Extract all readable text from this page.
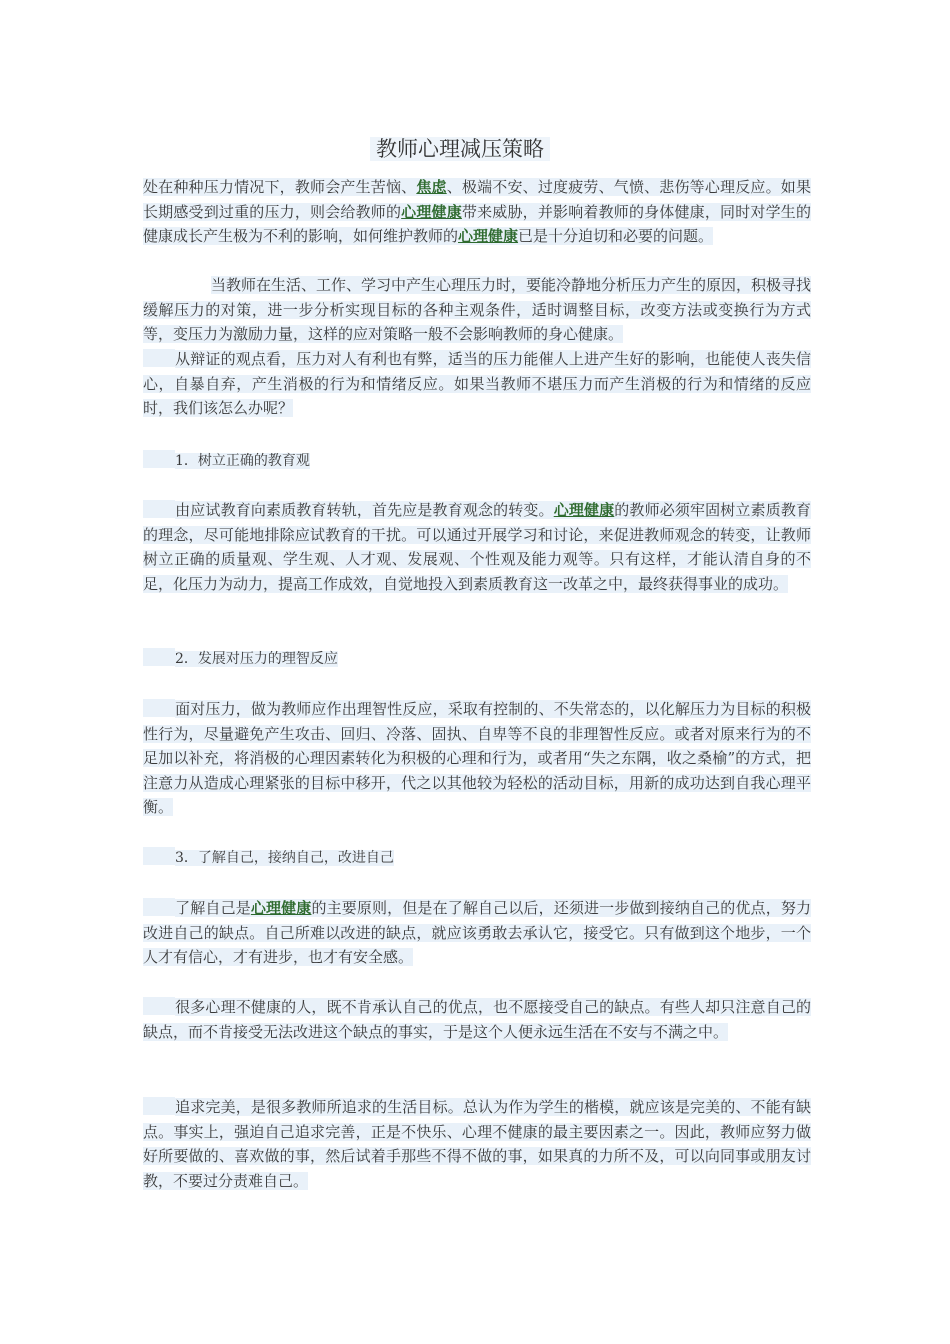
教师心理减压策略
处在种种压力情况下，教师会产生苦恼、焦虑、极端不安、过度疲劳、气愤、悲伤等心理反应。如果长期感受到过重的压力，则会给教师的心理健康带来威胁，并影响着教师的身体健康，同时对学生的健康成长产生极为不利的影响，如何维护教师的心理健康已是十分迫切和必要的问题。
当教师在生活、工作、学习中产生心理压力时，要能冷静地分析压力产生的原因，积极寻找缓解压力的对策，进一步分析实现目标的各种主观条件，适时调整目标，改变方法或变换行为方式等，变压力为激励力量，这样的应对策略一般不会影响教师的身心健康。
从辩证的观点看，压力对人有利也有弊，适当的压力能催人上进产生好的影响，也能使人丧失信心，自暴自弃，产生消极的行为和情绪反应。如果当教师不堪压力而产生消极的行为和情绪的反应时，我们该怎么办呢？
1．树立正确的教育观
由应试教育向素质教育转轨，首先应是教育观念的转变。心理健康的教师必须牢固树立素质教育的理念，尽可能地排除应试教育的干扰。可以通过开展学习和讨论，来促进教师观念的转变，让教师树立正确的质量观、学生观、人才观、发展观、个性观及能力观等。只有这样，才能认清自身的不足，化压力为动力，提高工作成效，自觉地投入到素质教育这一改革之中，最终获得事业的成功。
2．发展对压力的理智反应
面对压力，做为教师应作出理智性反应，采取有控制的、不失常态的，以化解压力为目标的积极性行为，尽量避免产生攻击、回归、冷落、固执、自卑等不良的非理智性反应。或者对原来行为的不足加以补充，将消极的心理因素转化为积极的心理和行为，或者用“失之东隅，收之桑榆”的方式，把注意力从造成心理紧张的目标中移开，代之以其他较为轻松的活动目标，用新的成功达到自我心理平衡。
3．了解自己，接纳自己，改进自己
了解自己是心理健康的主要原则，但是在了解自己以后，还须进一步做到接纳自己的优点，努力改进自己的缺点。自己所难以改进的缺点，就应该勇敢去承认它，接受它。只有做到这个地步，一个人才有信心，才有进步，也才有安全感。
很多心理不健康的人，既不肯承认自己的优点，也不愿接受自己的缺点。有些人却只注意自己的缺点，而不肯接受无法改进这个缺点的事实，于是这个人便永远生活在不安与不满之中。
追求完美，是很多教师所追求的生活目标。总认为作为学生的楷模，就应该是完美的、不能有缺点。事实上，强迫自己追求完善，正是不快乐、心理不健康的最主要因素之一。因此，教师应努力做好所要做的、喜欢做的事，然后试着手那些不得不做的事，如果真的力所不及，可以向同事或朋友讨教，不要过分责难自己。
